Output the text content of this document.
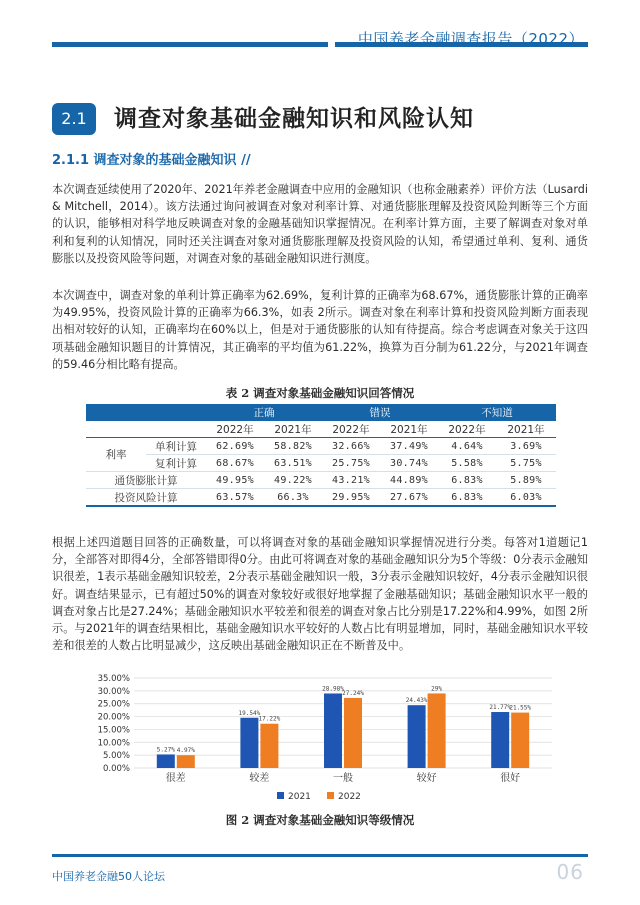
中国养老金融调查报告（2022）
2.1	调查对象基础金融知识和风险认知
2.1.1 调查对象的基础金融知识 //
本次调查延续使用了2020年、2021年养老金融调查中应用的金融知识（也称金融素养）评价方法（Lusardi & Mitchell，2014）。该方法通过询问被调查对象对利率计算、对通货膨胀理解及投资风险判断等三个方面的认识，能够相对科学地反映调查对象的金融基础知识掌握情况。在利率计算方面，主要了解调查对象对单利和复利的认知情况，同时还关注调查对象对通货膨胀理解及投资风险的认知，希望通过单利、复利、通货膨胀以及投资风险等问题，对调查对象的基础金融知识进行测度。
本次调查中，调查对象的单利计算正确率为62.69%，复利计算的正确率为68.67%，通货膨胀计算的正确率为49.95%，投资风险计算的正确率为66.3%，如表 2所示。调查对象在利率计算和投资风险判断方面表现出相对较好的认知，正确率均在60%以上，但是对于通货膨胀的认知有待提高。综合考虑调查对象关于这四项基础金融知识题目的计算情况，其正确率的平均值为61.22%，换算为百分制为61.22分，与2021年调查的59.46分相比略有提高。
表 2 调查对象基础金融知识回答情况
		正确		错误		不知道	
		2022年	2021年	2022年	2021年	2022年	2021年
利率	单利计算	62.69%	58.82%	32.66%	37.49%	4.64%	3.69%
	复利计算	68.67%	63.51%	25.75%	30.74%	5.58%	5.75%
通货膨胀计算		49.95%	49.22%	43.21%	44.89%	6.83%	5.89%
投资风险计算		63.57%	66.3%	29.95%	27.67%	6.83%	6.03%
根据上述四道题目回答的正确数量，可以将调查对象的基础金融知识掌握情况进行分类。每答对1道题记1分，全部答对即得4分，全部答错即得0分。由此可将调查对象的基础金融知识分为5个等级：0分表示金融知识很差，1表示基础金融知识较差，2分表示基础金融知识一般，3分表示金融知识较好，4分表示金融知识很好。调查结果显示，已有超过50%的调查对象较好或很好地掌握了金融基础知识；基础金融知识水平一般的调查对象占比是27.24%；基础金融知识水平较差和很差的调查对象占比分别是17.22%和4.99%，如图 2所示。与2021年的调查结果相比，基础金融知识水平较好的人数占比有明显增加，同时，基础金融知识水平较差和很差的人数占比明显减少，这反映出基础金融知识正在不断普及中。
0.00%
5.00%
10.00%
15.00%
20.00%
25.00%
30.00%
35.00%
5.27% 4.97%
很差
19.54%
17.22%
较差
28.98%
27.24%
一般
24.43%
29%
较好
21.77%
21.55%
很好
2021	2022
图 2 调查对象基础金融知识等级情况
中国养老金融50人论坛	06
